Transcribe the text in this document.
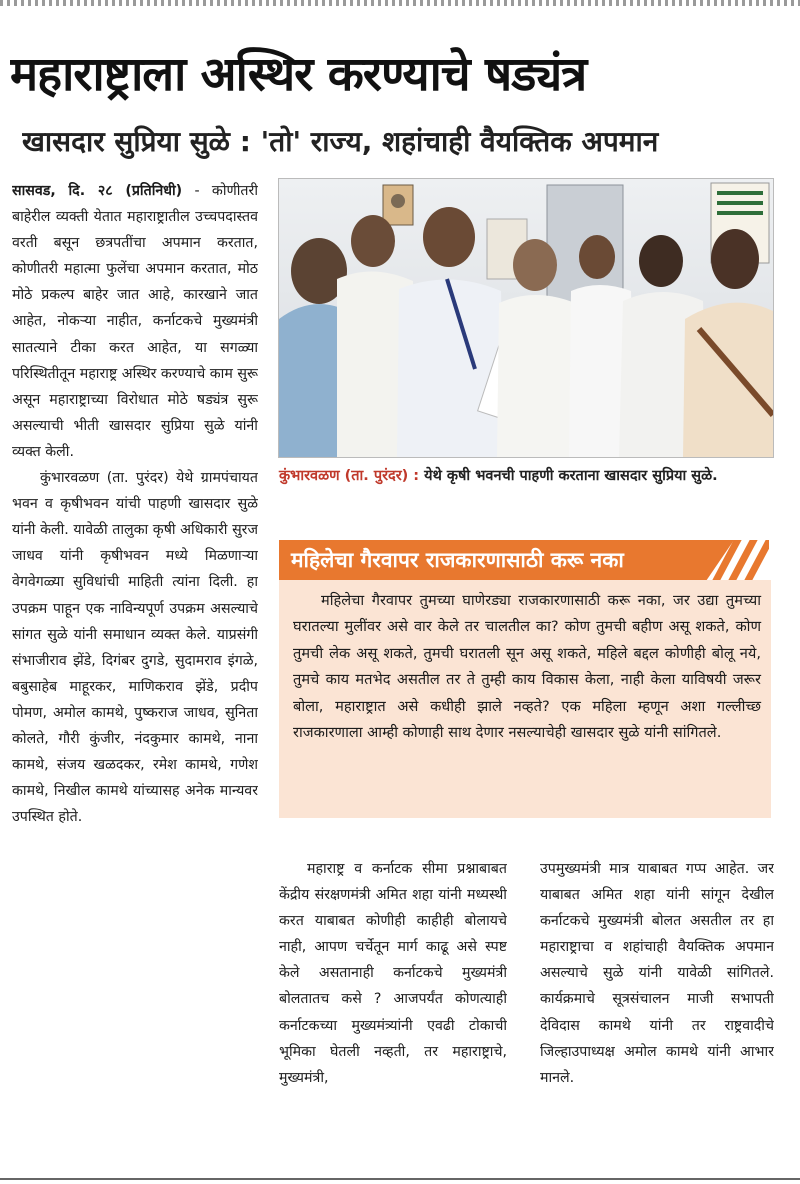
महाराष्ट्राला अस्थिर करण्याचे षड्यंत्र
खासदार सुप्रिया सुळे : 'तो' राज्य, शहांचाही वैयक्तिक अपमान

सासवड, दि. २८ (प्रतिनिधी) - कोणीतरी बाहेरील व्यक्ती येतात महाराष्ट्रातील उच्चपदास्तव वरती बसून छत्रपतींचा अपमान करतात, कोणीतरी महात्मा फुलेंचा अपमान करतात, मोठ मोठे प्रकल्प बाहेर जात आहे, कारखाने जात आहेत, नोकऱ्या नाहीत, कर्नाटकचे मुख्यमंत्री सातत्याने टीका करत आहेत, या सगळ्या परिस्थितीतून महाराष्ट्र अस्थिर करण्याचे काम सुरू असून महाराष्ट्राच्या विरोधात मोठे षड्यंत्र सुरू असल्याची भीती खासदार सुप्रिया सुळे यांनी व्यक्त केली.

कुंभारवळण (ता. पुरंदर) येथे ग्रामपंचायत भवन व कृषीभवन यांची पाहणी खासदार सुळे यांनी केली. यावेळी तालुका कृषी अधिकारी सुरज जाधव यांनी कृषीभवन मध्ये मिळणाऱ्या वेगवेगळ्या सुविधांची माहिती त्यांना दिली. हा उपक्रम पाहून एक नाविन्यपूर्ण उपक्रम असल्याचे सांगत सुळे यांनी समाधान व्यक्त केले. याप्रसंगी संभाजीराव झेंडे, दिगंबर दुगडे, सुदामराव इंगळे, बबुसाहेब माहूरकर, माणिकराव झेंडे, प्रदीप पोमण, अमोल कामथे, पुष्कराज जाधव, सुनिता कोलते, गौरी कुंजीर, नंदकुमार कामथे, नाना कामथे, संजय खळदकर, रमेश कामथे, गणेश कामथे, निखील कामथे यांच्यासह अनेक मान्यवर उपस्थित होते.

कुंभारवळण (ता. पुरंदर) : येथे कृषी भवनची पाहणी करताना खासदार सुप्रिया सुळे.
महिलेचा गैरवापर राजकारणासाठी करू नका

महिलेचा गैरवापर तुमच्या घाणेरड्या राजकारणासाठी करू नका, जर उद्या तुमच्या घरातल्या मुलींवर असे वार केले तर चालतील का? कोण तुमची बहीण असू शकते, कोण तुमची लेक असू शकते, तुमची घरातली सून असू शकते, महिले बद्दल कोणीही बोलू नये, तुमचे काय मतभेद असतील तर ते तुम्ही काय विकास केला, नाही केला याविषयी जरूर बोला, महाराष्ट्रात असे कधीही झाले नव्हते? एक महिला म्हणून अशा गल्लीच्छ राजकारणाला आम्ही कोणाही साथ देणार नसल्याचेही खासदार सुळे यांनी सांगितले.

महाराष्ट्र व कर्नाटक सीमा प्रश्नाबाबत केंद्रीय संरक्षणमंत्री अमित शहा यांनी मध्यस्थी करत याबाबत कोणीही काहीही बोलायचे नाही, आपण चर्चेतून मार्ग काढू असे स्पष्ट केले असतानाही कर्नाटकचे मुख्यमंत्री बोलतातच कसे ? आजपर्यंत कोणत्याही कर्नाटकच्या मुख्यमंत्र्यांनी एवढी टोकाची भूमिका घेतली नव्हती, तर महाराष्ट्राचे, मुख्यमंत्री,

उपमुख्यमंत्री मात्र याबाबत गप्प आहेत. जर याबाबत अमित शहा यांनी सांगून देखील कर्नाटकचे मुख्यमंत्री बोलत असतील तर हा महाराष्ट्राचा व शहांचाही वैयक्तिक अपमान असल्याचे सुळे यांनी यावेळी सांगितले. कार्यक्रमाचे सूत्रसंचालन माजी सभापती देविदास कामथे यांनी तर राष्ट्रवादीचे जिल्हाउपाध्यक्ष अमोल कामथे यांनी आभार मानले.
